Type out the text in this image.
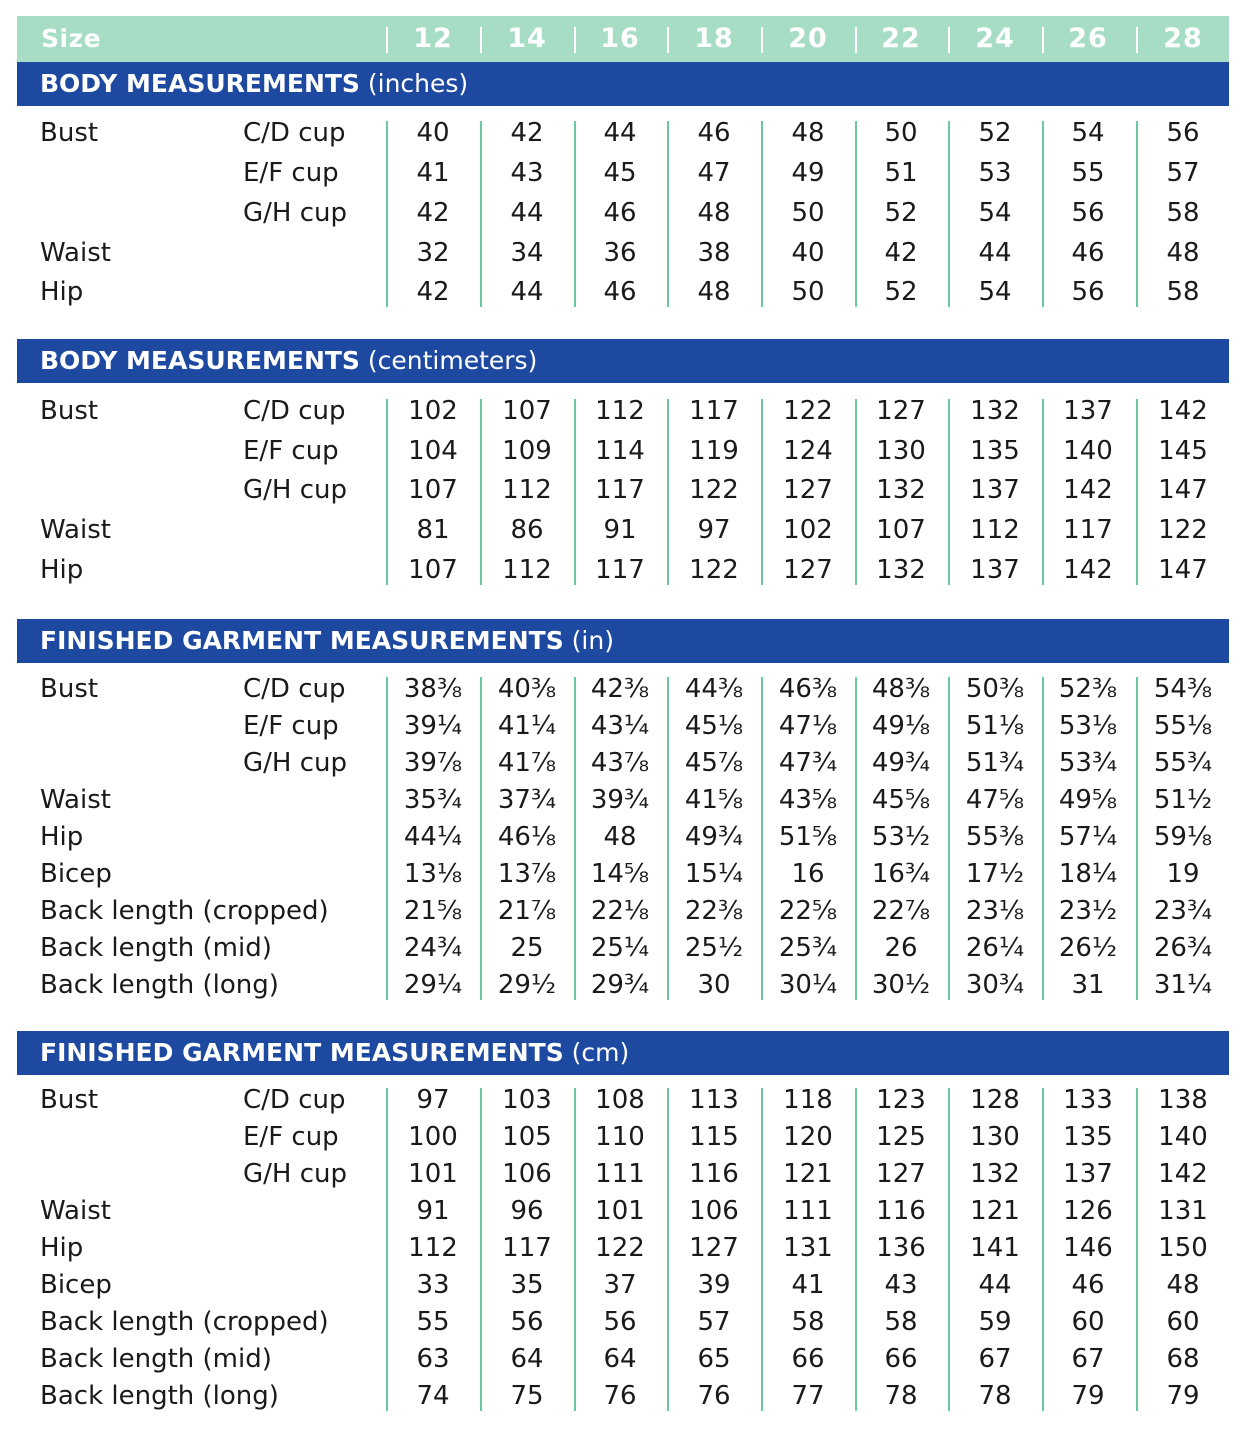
Size	12	14	16	18	20	22	24	26	28
BODY MEASUREMENTS (inches)
Bust	C/D cup	40	42	44	46	48	50	52	54	56
E/F cup	41	43	45	47	49	51	53	55	57
G/H cup	42	44	46	48	50	52	54	56	58
Waist	32	34	36	38	40	42	44	46	48
Hip	42	44	46	48	50	52	54	56	58
BODY MEASUREMENTS (centimeters)
Bust	C/D cup	102	107	112	117	122	127	132	137	142
E/F cup	104	109	114	119	124	130	135	140	145
G/H cup	107	112	117	122	127	132	137	142	147
Waist	81	86	91	97	102	107	112	117	122
Hip	107	112	117	122	127	132	137	142	147
FINISHED GARMENT MEASUREMENTS (in)
Bust	C/D cup	38⅜	40⅜	42⅜	44⅜	46⅜	48⅜	50⅜	52⅜	54⅜
E/F cup	39¼	41¼	43¼	45⅛	47⅛	49⅛	51⅛	53⅛	55⅛
G/H cup	39⅞	41⅞	43⅞	45⅞	47¾	49¾	51¾	53¾	55¾
Waist	35¾	37¾	39¾	41⅝	43⅝	45⅝	47⅝	49⅝	51½
Hip	44¼	46⅛	48	49¾	51⅝	53½	55⅜	57¼	59⅛
Bicep	13⅛	13⅞	14⅝	15¼	16	16¾	17½	18¼	19
Back length (cropped)	21⅝	21⅞	22⅛	22⅜	22⅝	22⅞	23⅛	23½	23¾
Back length (mid)	24¾	25	25¼	25½	25¾	26	26¼	26½	26¾
Back length (long)	29¼	29½	29¾	30	30¼	30½	30¾	31	31¼
FINISHED GARMENT MEASUREMENTS (cm)
Bust	C/D cup	97	103	108	113	118	123	128	133	138
E/F cup	100	105	110	115	120	125	130	135	140
G/H cup	101	106	111	116	121	127	132	137	142
Waist	91	96	101	106	111	116	121	126	131
Hip	112	117	122	127	131	136	141	146	150
Bicep	33	35	37	39	41	43	44	46	48
Back length (cropped)	55	56	56	57	58	58	59	60	60
Back length (mid)	63	64	64	65	66	66	67	67	68
Back length (long)	74	75	76	76	77	78	78	79	79
